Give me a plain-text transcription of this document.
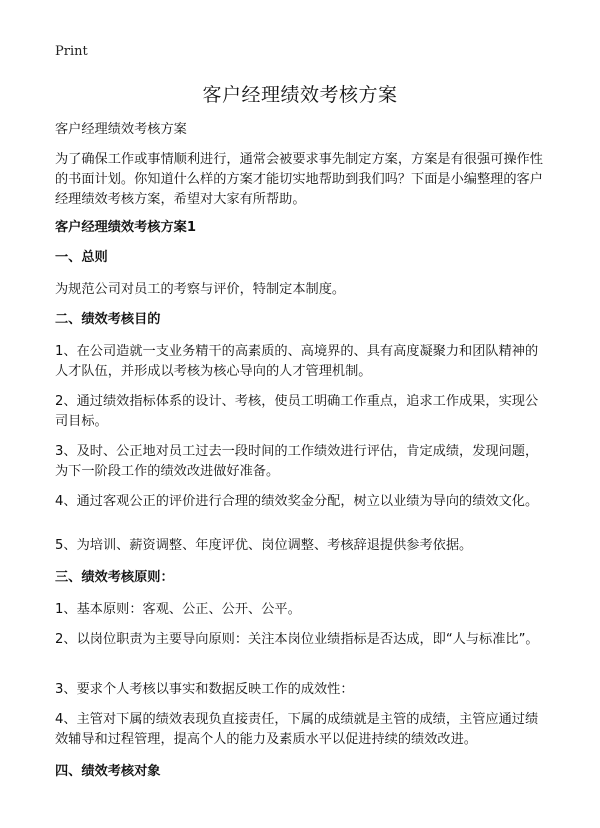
Print
客户经理绩效考核方案

客户经理绩效考核方案

为了确保工作或事情顺利进行，通常会被要求事先制定方案，方案是有很强可操作性的书面计划。你知道什么样的方案才能切实地帮助到我们吗？下面是小编整理的客户经理绩效考核方案，希望对大家有所帮助。

客户经理绩效考核方案1

一、总则

为规范公司对员工的考察与评价，特制定本制度。

二、绩效考核目的

1、在公司造就一支业务精干的高素质的、高境界的、具有高度凝聚力和团队精神的人才队伍，并形成以考核为核心导向的人才管理机制。

2、通过绩效指标体系的设计、考核，使员工明确工作重点，追求工作成果，实现公司目标。

3、及时、公正地对员工过去一段时间的工作绩效进行评估，肯定成绩，发现问题，为下一阶段工作的绩效改进做好准备。

4、通过客观公正的评价进行合理的绩效奖金分配，树立以业绩为导向的绩效文化。

5、为培训、薪资调整、年度评优、岗位调整、考核辞退提供参考依据。

三、绩效考核原则：

1、基本原则：客观、公正、公开、公平。

2、以岗位职责为主要导向原则：关注本岗位业绩指标是否达成，即“人与标准比”。

3、要求个人考核以事实和数据反映工作的成效性：

4、主管对下属的绩效表现负直接责任，下属的成绩就是主管的成绩，主管应通过绩效辅导和过程管理，提高个人的能力及素质水平以促进持续的绩效改进。

四、绩效考核对象
